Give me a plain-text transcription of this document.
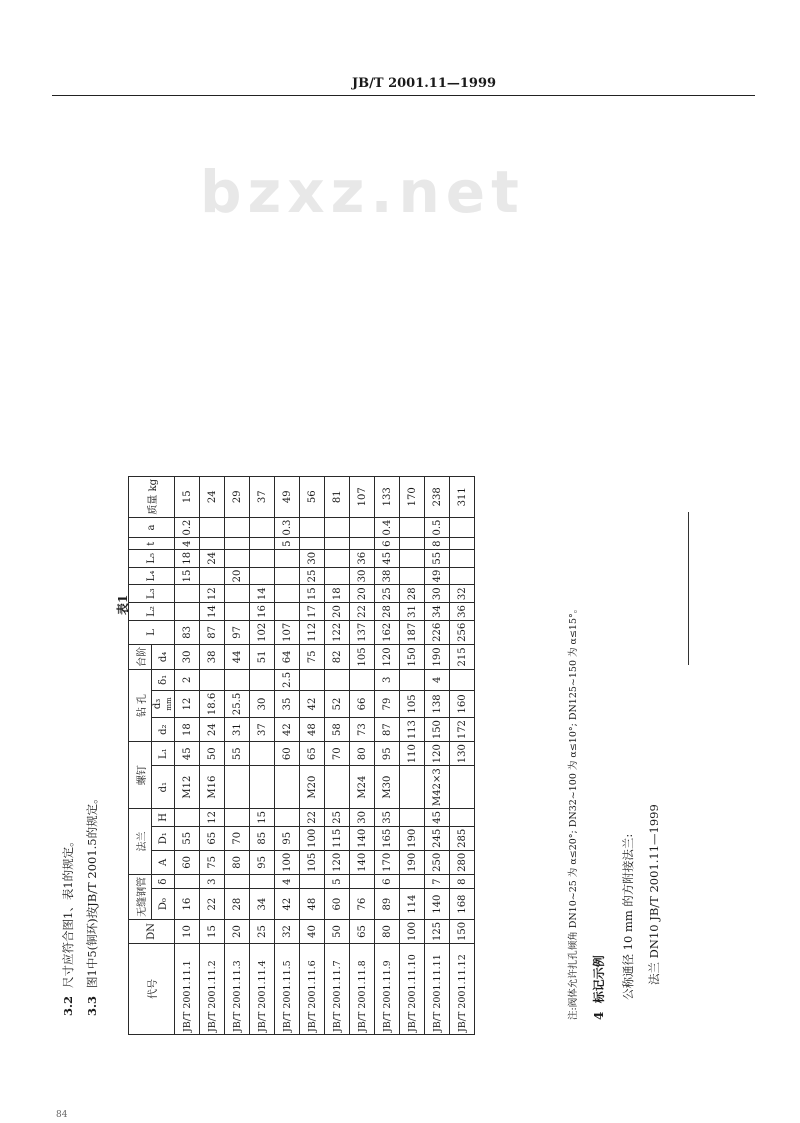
JB/T 2001.11—1999
bzxz.net
3.2尺寸应符合图1、表1的规定。
3.3图1中5(铜环)按JB/T 2001.5的规定。
表1
代号	DN	无缝钢管		法兰			螺钉		钻 孔			台阶	L	L₂	L₃	L₄	L₅	t	a	质量 kg
		D₀	δ	A	D₁	H	d₁	L₁	d₂	d₃ mm	δ₁	d₄								
JB/T 2001.11.1	10	16		60	55		M12	45	18	12	2	30	83			15	18	4	0.2	15
JB/T 2001.11.2	15	22	3	75	65	12	M16	50	24	18.6		38	87	14	12		24			24
JB/T 2001.11.3	20	28		80	70			55	31	25.5		44	97			20				29
JB/T 2001.11.4	25	34		95	85	15			37	30		51	102	16	14					37
JB/T 2001.11.5	32	42	4	100	95			60	42	35	2.5	64	107					5	0.3	49
JB/T 2001.11.6	40	48		105	100	22	M20	65	48	42		75	112	17	15	25	30			56
JB/T 2001.11.7	50	60	5	120	115	25		70	58	52		82	122	20	18					81
JB/T 2001.11.8	65	76		140	140	30	M24	80	73	66		105	137	22	20	30	36			107
JB/T 2001.11.9	80	89	6	170	165	35	M30	95	87	79	3	120	162	28	25	38	45	6	0.4	133
JB/T 2001.11.10	100	114		190	190			110	113	105		150	187	31	28					170
JB/T 2001.11.11	125	140	7	250	245	45	M42×3	120	150	138	4	190	226	34	30	49	55	8	0.5	238
JB/T 2001.11.12	150	168	8	280	285			130	172	160		215	256	36	32					311
注:阀体允许扎孔倾角 DN10~25 为 α≤20°; DN32~100 为 α≤10°; DN125~150 为 α≤15°。 4  标记示例 公称通径 10 mm 的方附接法兰: 法兰 DN10 JB/T 2001.11—1999
84
